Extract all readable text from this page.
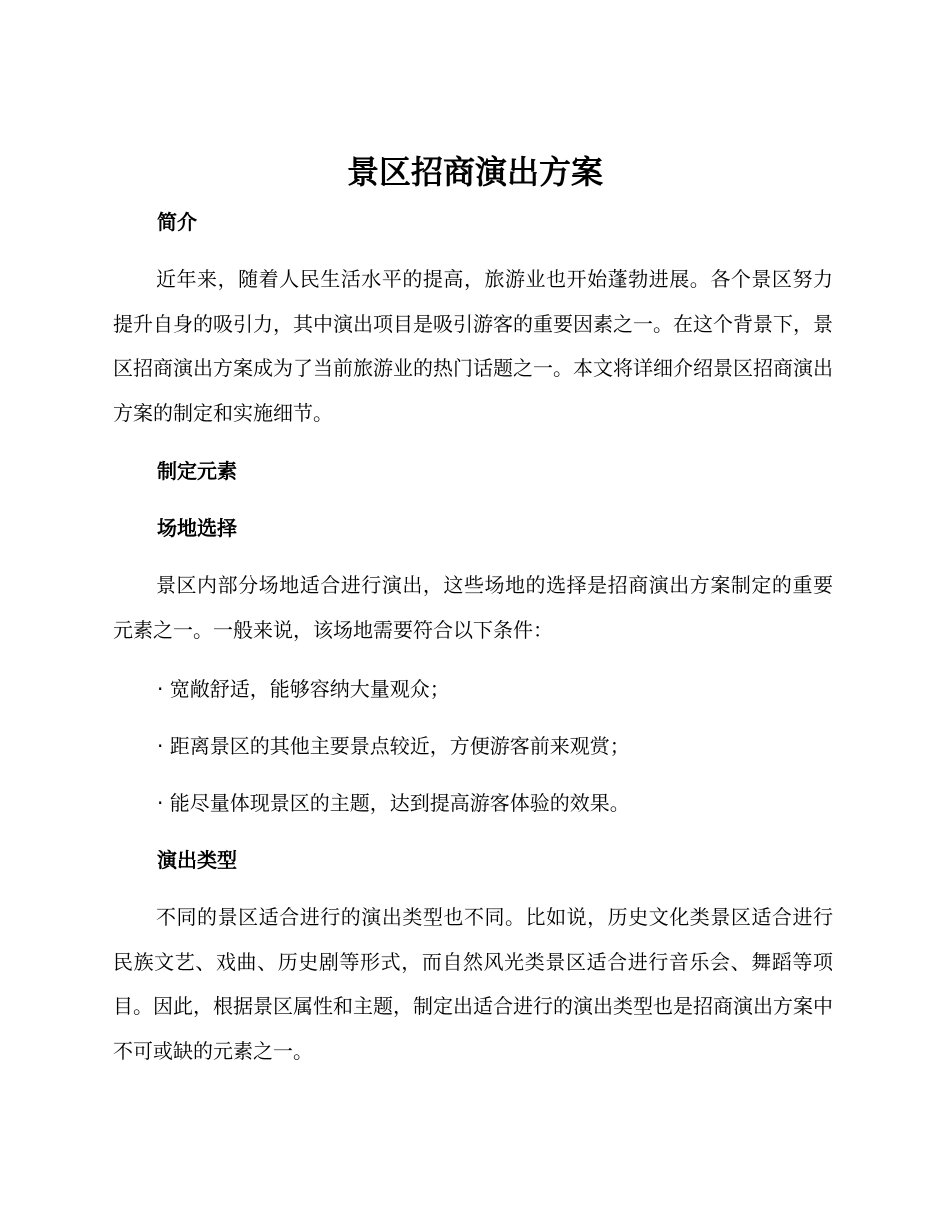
景区招商演出方案
简介

近年来，随着人民生活水平的提高，旅游业也开始蓬勃进展。各个景区努力提升自身的吸引力，其中演出项目是吸引游客的重要因素之一。在这个背景下，景区招商演出方案成为了当前旅游业的热门话题之一。本文将详细介绍景区招商演出方案的制定和实施细节。

制定元素
场地选择

景区内部分场地适合进行演出，这些场地的选择是招商演出方案制定的重要元素之一。一般来说，该场地需要符合以下条件：

· 宽敞舒适，能够容纳大量观众；
· 距离景区的其他主要景点较近，方便游客前来观赏；
· 能尽量体现景区的主题，达到提高游客体验的效果。
演出类型

不同的景区适合进行的演出类型也不同。比如说，历史文化类景区适合进行民族文艺、戏曲、历史剧等形式，而自然风光类景区适合进行音乐会、舞蹈等项目。因此，根据景区属性和主题，制定出适合进行的演出类型也是招商演出方案中不可或缺的元素之一。
